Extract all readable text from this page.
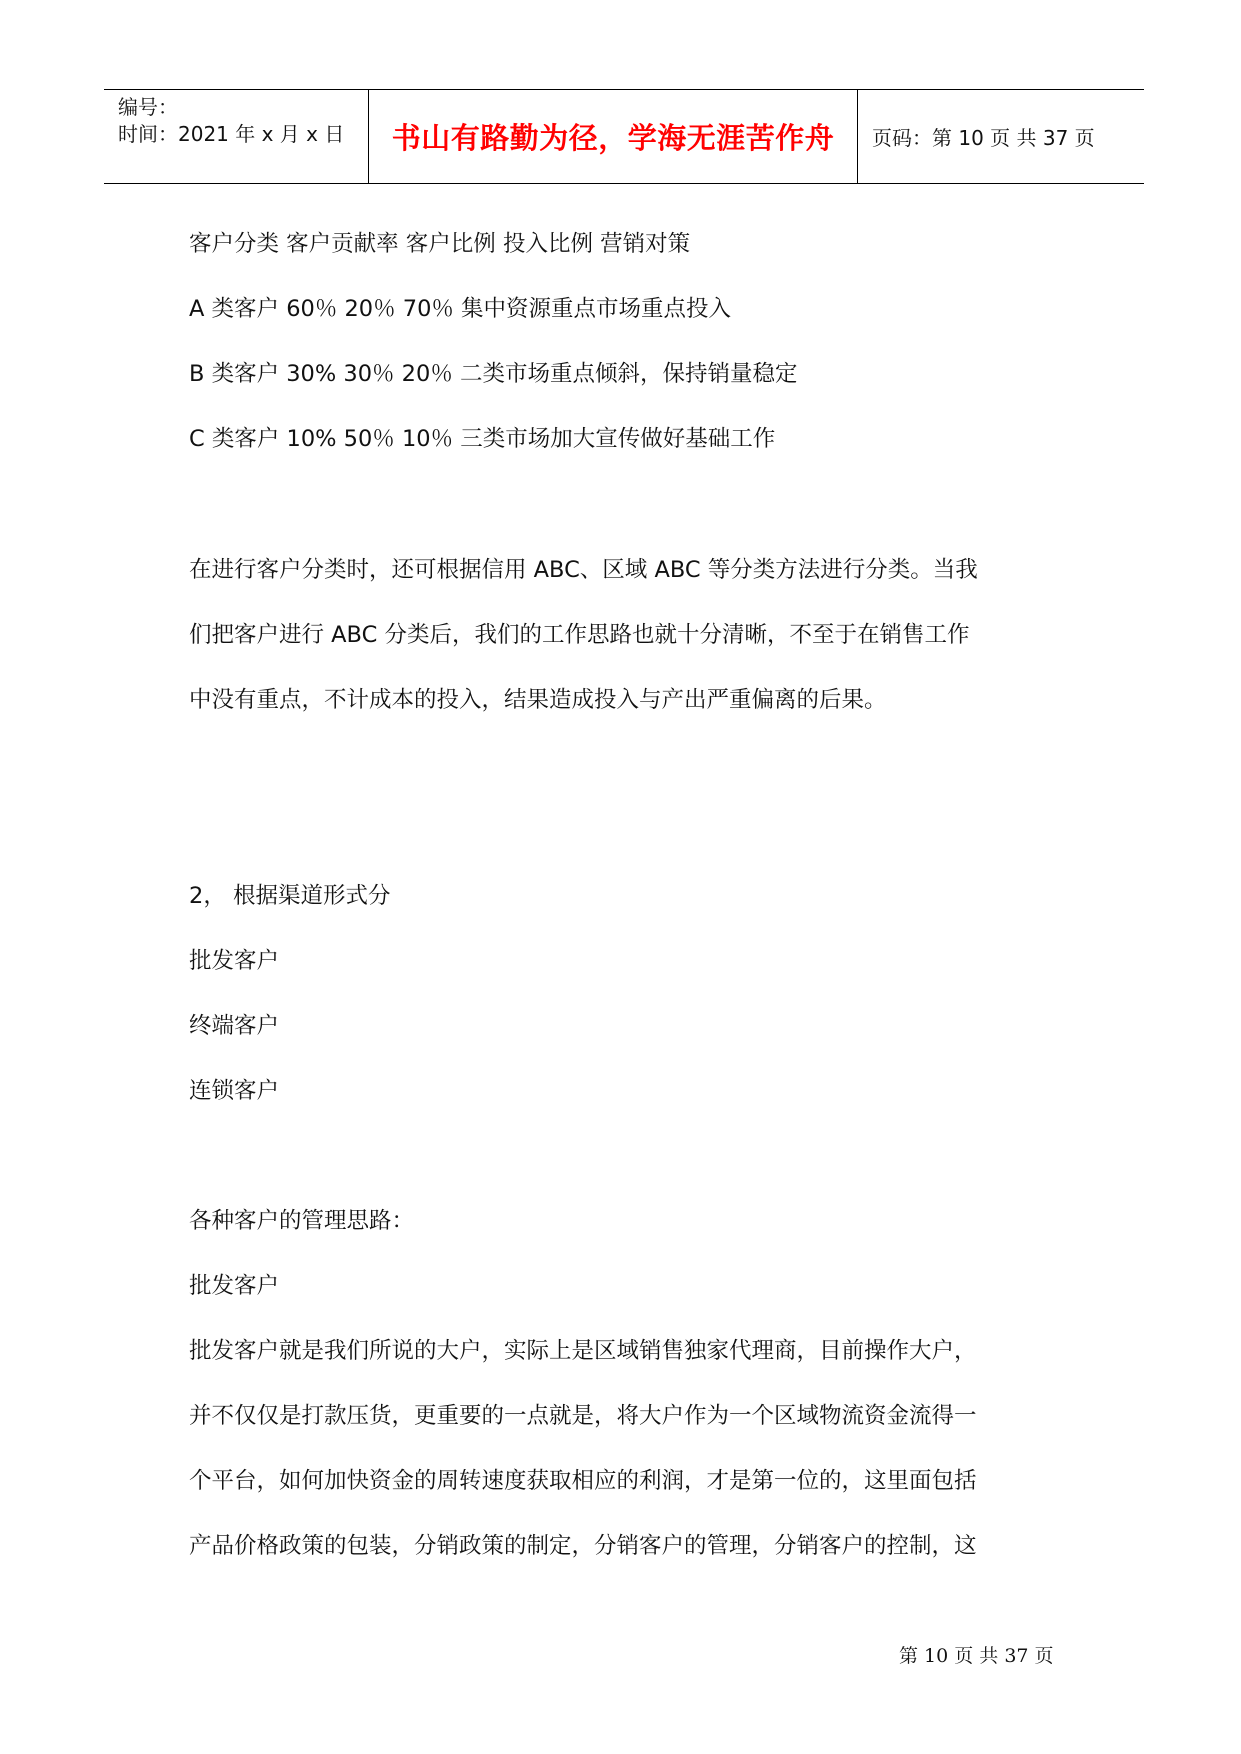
编号：
时间：2021 年 x 月 x 日	书山有路勤为径，学海无涯苦作舟 页码：第 10 页 共 37 页
客户分类 客户贡献率 客户比例 投入比例 营销对策
A 类客户 60％ 20％ 70％ 集中资源重点市场重点投入
B 类客户 30% 30％ 20％ 二类市场重点倾斜，保持销量稳定
C 类客户 10% 50％ 10％ 三类市场加大宣传做好基础工作
在进行客户分类时，还可根据信用 ABC、区域 ABC 等分类方法进行分类。当我
们把客户进行 ABC 分类后，我们的工作思路也就十分清晰，不至于在销售工作
中没有重点，不计成本的投入，结果造成投入与产出严重偏离的后果。
2， 根据渠道形式分
批发客户
终端客户
连锁客户
各种客户的管理思路：
批发客户
批发客户就是我们所说的大户，实际上是区域销售独家代理商，目前操作大户，
并不仅仅是打款压货，更重要的一点就是，将大户作为一个区域物流资金流得一
个平台，如何加快资金的周转速度获取相应的利润，才是第一位的，这里面包括
产品价格政策的包装，分销政策的制定，分销客户的管理，分销客户的控制，这
第 10 页 共 37 页
